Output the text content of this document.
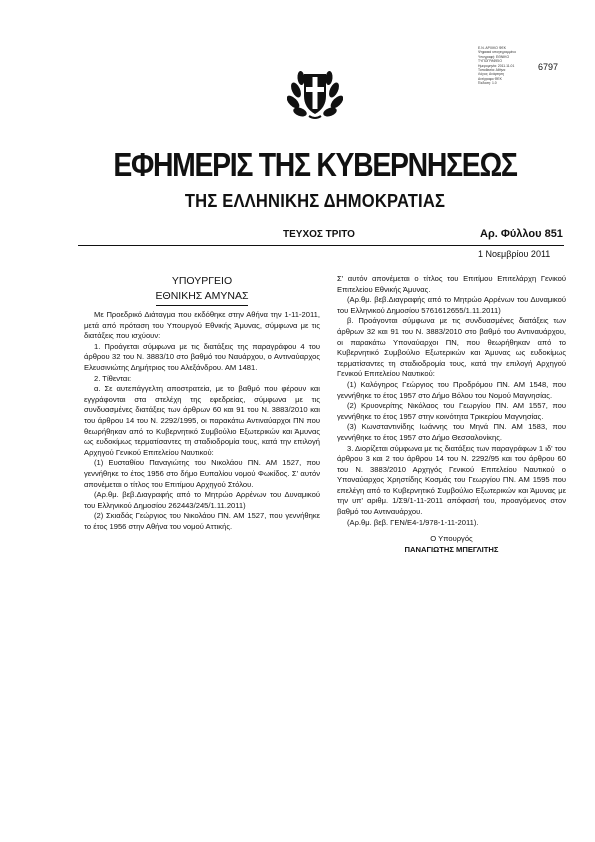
Ε.Ν. ΑΡΧΙΚΟ ΦΕΚ
Ψηφιακά υπογεγραμμένο
Υπογραφή: ΕΘΝΙΚΟ
ΤΥΠΟΓΡΑΦΕΙΟ
Ημερομηνία: 2011.11.01
Τοποθεσία: Αθήνα
Λόγος: Ανάρτηση
Αντίγραφο ΦΕΚ
Έκδοση: 1.0
6797
ΕΦΗΜΕΡΙΣ ΤΗΣ ΚΥΒΕΡΝΗΣΕΩΣ
ΤΗΣ ΕΛΛΗΝΙΚΗΣ ΔΗΜΟΚΡΑΤΙΑΣ
ΤΕΥΧΟΣ ΤΡΙΤΟ	Αρ. Φύλλου 851
1 Νοεμβρίου 2011
ΥΠΟΥΡΓΕΙΟ
ΕΘΝΙΚΗΣ ΑΜΥΝΑΣ

Με Προεδρικό Διάταγμα που εκδόθηκε στην Αθήνα την 1-11-2011, μετά από πρόταση του Υπουργού Εθνικής Άμυνας, σύμφωνα με τις διατάξεις που ισχύουν:

1. Προάγεται σύμφωνα με τις διατάξεις της παραγράφου 4 του άρθρου 32 του Ν. 3883/10 στο βαθμό του Ναυάρχου, ο Αντιναύαρχος Ελευσινιώτης Δημήτριος του Αλεξάνδρου. ΑΜ 1481.

2. Τίθενται:

α. Σε αυτεπάγγελτη αποστρατεία, με το βαθμό που φέρουν και εγγράφονται στα στελέχη της εφεδρείας, σύμφωνα με τις συνδυασμένες διατάξεις των άρθρων 60 και 91 του Ν. 3883/2010 και του άρθρου 14 του Ν. 2292/1995, οι παρακάτω Αντιναύαρχοι ΠΝ που θεωρήθηκαν από το Κυβερνητικό Συμβούλιο Εξωτερικών και Άμυνας ως ευδοκίμως τερματίσαντες τη σταδιοδρομία τους, κατά την επιλογή Αρχηγού Γενικού Επιτελείου Ναυτικού:

(1) Ευσταθίου Παναγιώτης του Νικολάου ΠΝ. ΑΜ 1527, που γεννήθηκε το έτος 1956 στο δήμο Ευπαλίου νομού Φωκίδος. Σ' αυτόν απονέμεται ο τίτλος του Επιτίμου Αρχηγού Στόλου.

(Αρ.θμ. βεβ.Διαγραφής από το Μητρώο Αρρένων του Δυναμικού του Ελληνικού Δημοσίου 262443/245/1.11.2011)

(2) Σκιαδάς Γεώργιος του Νικολάου ΠΝ. ΑΜ 1527, που γεννήθηκε το έτος 1956 στην Αθήνα του νομού Αττικής.

Σ' αυτόν απονέμεται ο τίτλος του Επιτίμου Επιτελάρχη Γενικού Επιτελείου Εθνικής Άμυνας.

(Αρ.θμ. βεβ.Διαγραφής από το Μητρώο Αρρένων του Δυναμικού του Ελληνικού Δημοσίου 5761612655/1.11.2011)

β. Προάγονται σύμφωνα με τις συνδυασμένες διατάξεις των άρθρων 32 και 91 του Ν. 3883/2010 στο βαθμό του Αντιναυάρχου, οι παρακάτω Υποναύαρχοι ΠΝ, που θεωρήθηκαν από το Κυβερνητικό Συμβούλιο Εξωτερικών και Άμυνας ως ευδοκίμως τερματίσαντες τη σταδιοδρομία τους, κατά την επιλογή Αρχηγού Γενικού Επιτελείου Ναυτικού:

(1) Καλόγηρος Γεώργιος του Προδρόμου ΠΝ. ΑΜ 1548, που γεννήθηκε το έτος 1957 στο Δήμο Βόλου του Νομού Μαγνησίας.

(2) Κρυονερίτης Νικόλαος του Γεωργίου ΠΝ. ΑΜ 1557, που γεννήθηκε το έτος 1957 στην κοινότητα Τρικερίου Μαγνησίας.

(3) Κωνσταντινίδης Ιωάννης του Μηνά ΠΝ. ΑΜ 1583, που γεννήθηκε το έτος 1957 στο Δήμο Θεσσαλονίκης.

3. Διορίζεται σύμφωνα με τις διατάξεις των παραγράφων 1 ιδ' του άρθρου 3 και 2 του άρθρου 14 του Ν. 2292/95 και του άρθρου 60 του Ν. 3883/2010 Αρχηγός Γενικού Επιτελείου Ναυτικού ο Υποναύαρχος Χρηστίδης Κοσμάς του Γεωργίου ΠΝ. ΑΜ 1595 που επελέγη από το Κυβερνητικό Συμβούλιο Εξωτερικών και Άμυνας με την υπ' αριθμ. 1/Σ9/1-11-2011 απόφασή του, προαγόμενος στον βαθμό του Αντιναυάρχου.

(Αρ.θμ. βεβ. ΓΕΝ/Ε4-1/978-1-11-2011).

Ο Υπουργός

ΠΑΝΑΓΙΩΤΗΣ ΜΠΕΓΛΙΤΗΣ
